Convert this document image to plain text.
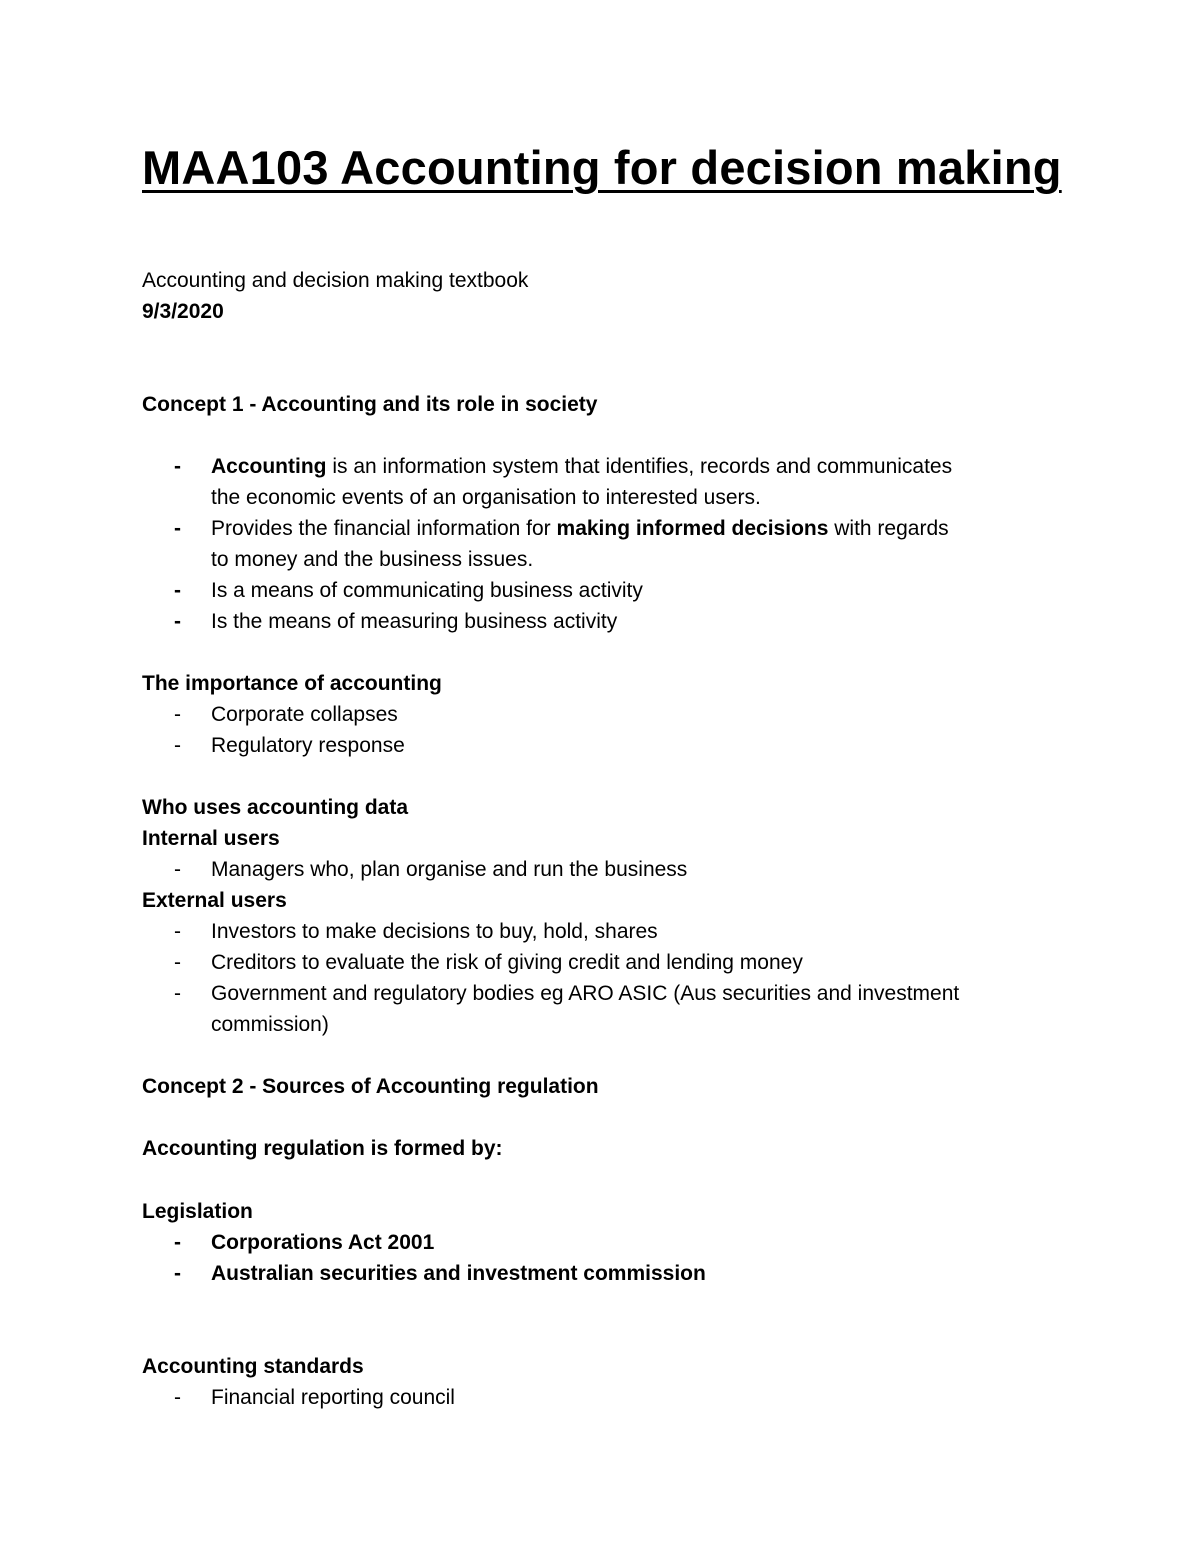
MAA103 Accounting for decision making
Accounting and decision making textbook
9/3/2020
Concept 1 - Accounting and its role in society
- Accounting is an information system that identifies, records and communicates
the economic events of an organisation to interested users.
- Provides the financial information for making informed decisions with regards
to money and the business issues.
- Is a means of communicating business activity
- Is the means of measuring business activity
The importance of accounting
- Corporate collapses
- Regulatory response
Who uses accounting data
Internal users
- Managers who, plan organise and run the business
External users
- Investors to make decisions to buy, hold, shares
- Creditors to evaluate the risk of giving credit and lending money
- Government and regulatory bodies eg ARO ASIC (Aus securities and investment
commission)
Concept 2 - Sources of Accounting regulation
Accounting regulation is formed by:
Legislation
- Corporations Act 2001
- Australian securities and investment commission
Accounting standards
- Financial reporting council
